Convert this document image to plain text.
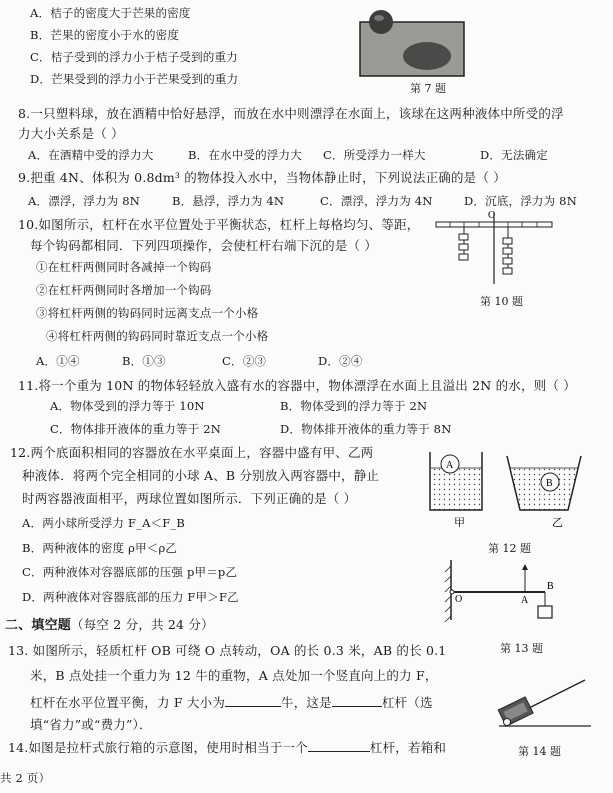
A．桔子的密度大于芒果的密度
B．芒果的密度小于水的密度
C．桔子受到的浮力小于桔子受到的重力
D．芒果受到的浮力小于芒果受到的重力
第 7 题
8.一只塑料球，放在酒精中恰好悬浮，而放在水中则漂浮在水面上，该球在这两种液体中所受的浮
力大小关系是（ ）
A．在酒精中受的浮力大	B．在水中受的浮力大 C．所受浮力一样大	D．无法确定
9.把重 4N、体积为 0.8dm³ 的物体投入水中，当物体静止时，下列说法正确的是（ ）
A．漂浮，浮力为 8N	B．悬浮，浮力为 4N	C．漂浮，浮力为 4N	D．沉底，浮力为 8N
10.如图所示，杠杆在水平位置处于平衡状态，杠杆上每格均匀、等距，
每个钩码都相同．下列四项操作，会使杠杆右端下沉的是（ ）
①在杠杆两侧同时各减掉一个钩码
②在杠杆两侧同时各增加一个钩码
③将杠杆两侧的钩码同时远离支点一个小格
④将杠杆两侧的钩码同时靠近支点一个小格
A．①④	B．①③	C．②③	D．②④
O
第 10 题
11.将一个重为 10N 的物体轻轻放入盛有水的容器中，物体漂浮在水面上且溢出 2N 的水，则（ ）
A．物体受到的浮力等于 10N	B．物体受到的浮力等于 2N
C．物体排开液体的重力等于 2N	D．物体排开液体的重力等于 8N
12.两个底面积相同的容器放在水平桌面上，容器中盛有甲、乙两
种液体．将两个完全相同的小球 A、B 分别放入两容器中，静止
时两容器液面相平，两球位置如图所示．下列正确的是（ ）
A．两小球所受浮力 F_A＜F_B
B．两种液体的密度 ρ甲＜ρ乙
C．两种液体对容器底部的压强 p甲＝p乙
D．两种液体对容器底部的压力 F甲＞F乙
A
B
甲	乙
第 12 题
二、填空题（每空 2 分，共 24 分）
13. 如图所示，轻质杠杆 OB 可绕 O 点转动，OA 的长 0.3 米，AB 的长 0.1
米，B 点处挂一个重力为 12 牛的重物，A 点处加一个竖直向上的力 F，
杠杆在水平位置平衡，力 F 大小为	牛，这是	杠杆（选
填“省力”或“费力”）．
O	A
B
第 13 题
14.如图是拉杆式旅行箱的示意图，使用时相当于一个	杠杆，若箱和	第 14 题
共 2 页）
